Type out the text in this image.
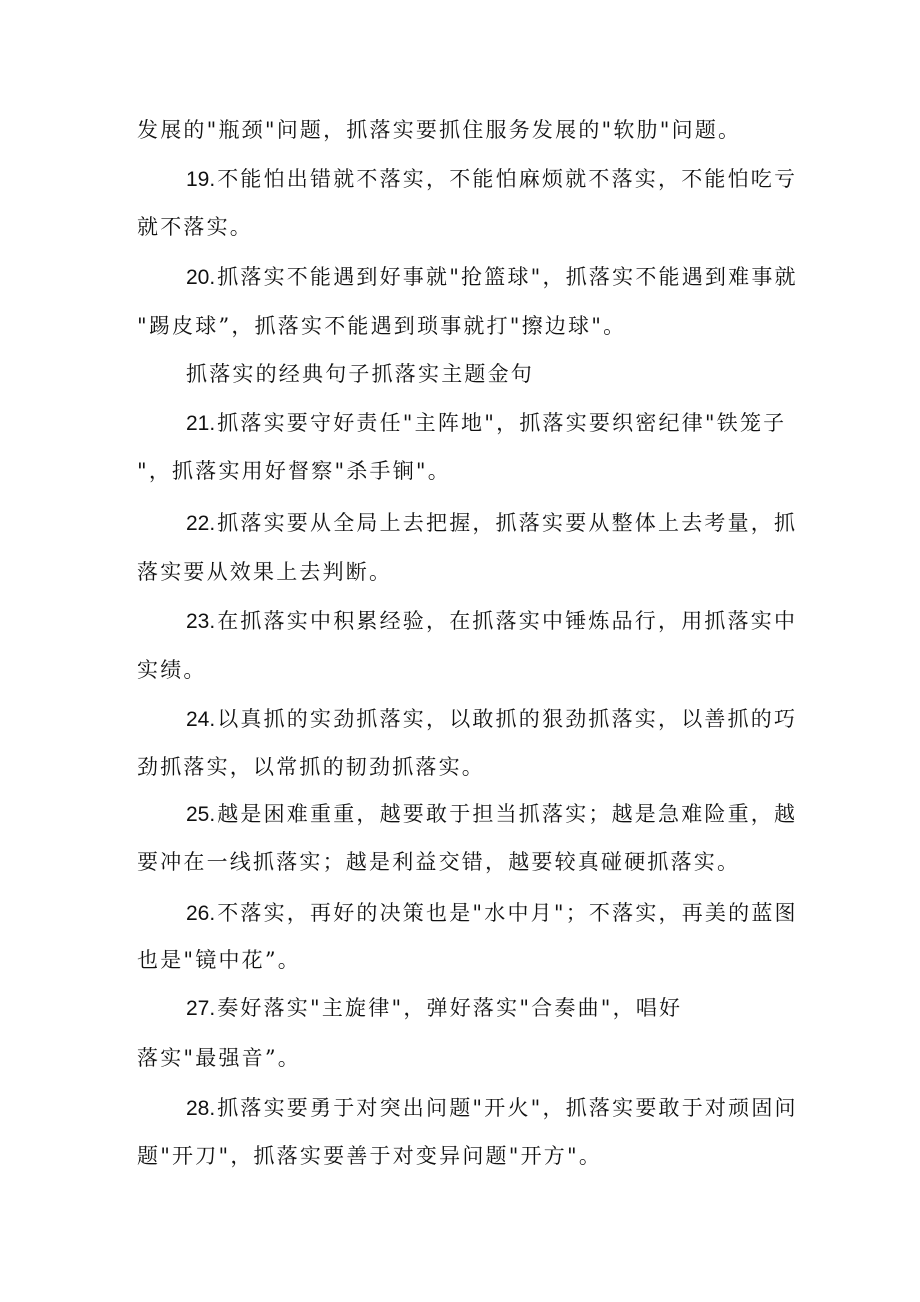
发展的"瓶颈"问题，抓落实要抓住服务发展的"软肋"问题。
19.不能怕出错就不落实，不能怕麻烦就不落实，不能怕吃亏
就不落实。
20.抓落实不能遇到好事就"抢篮球"，抓落实不能遇到难事就
"踢皮球”，抓落实不能遇到琐事就打"擦边球"。
抓落实的经典句子抓落实主题金句
21.抓落实要守好责任"主阵地"，抓落实要织密纪律"铁笼子
"，抓落实用好督察"杀手锏"。
22.抓落实要从全局上去把握，抓落实要从整体上去考量，抓
落实要从效果上去判断。
23.在抓落实中积累经验，在抓落实中锤炼品行，用抓落实中
实绩。
24.以真抓的实劲抓落实，以敢抓的狠劲抓落实，以善抓的巧
劲抓落实，以常抓的韧劲抓落实。
25.越是困难重重，越要敢于担当抓落实；越是急难险重，越
要冲在一线抓落实；越是利益交错，越要较真碰硬抓落实。
26.不落实，再好的决策也是"水中月"；不落实，再美的蓝图
也是"镜中花”。
27.奏好落实"主旋律"，弹好落实"合奏曲"，唱好
落实"最强音”。
28.抓落实要勇于对突出问题"开火"，抓落实要敢于对顽固问
题"开刀"，抓落实要善于对变异问题"开方"。
